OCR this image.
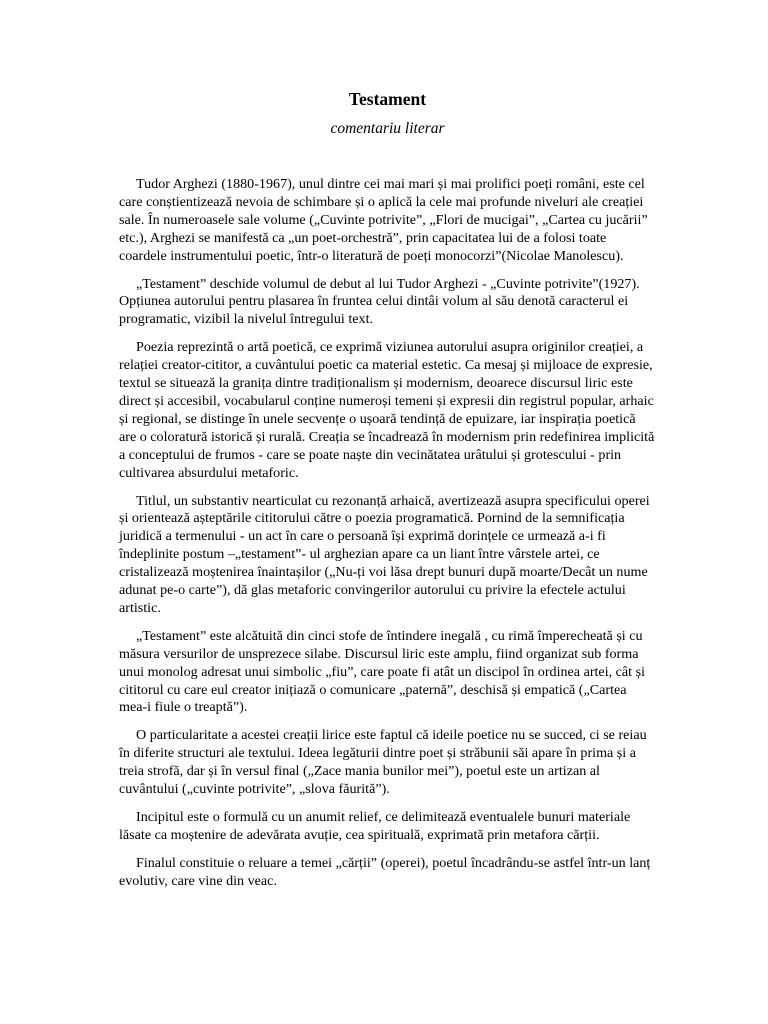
Testament
comentariu literar

Tudor Arghezi (1880-1967), unul dintre cei mai mari și mai prolifici poeți români, este cel care conștientizează nevoia de schimbare și o aplică la cele mai profunde niveluri ale creației sale. În numeroasele sale volume („Cuvinte potrivite”, „Flori de mucigai”, „Cartea cu jucării” etc.), Arghezi se manifestă ca „un poet-orchestră”, prin capacitatea lui de a folosi toate coardele instrumentului poetic, într-o literatură de poeți monocorzi”(Nicolae Manolescu).

„Testament” deschide volumul de debut al lui Tudor Arghezi - „Cuvinte potrivite”(1927). Opțiunea autorului pentru plasarea în fruntea celui dintâi volum al său denotă caracterul ei programatic, vizibil la nivelul întregului text.

Poezia reprezintă o artă poetică, ce exprimă viziunea autorului asupra originilor creației, a relației creator-cititor, a cuvântului poetic ca material estetic. Ca mesaj și mijloace de expresie, textul se situează la granița dintre tradiționalism și modernism, deoarece discursul liric este direct și accesibil, vocabularul conține numeroși temeni și expresii din registrul popular, arhaic și regional, se distinge în unele secvențe o ușoară tendință de epuizare, iar inspirația poetică are o coloratură istorică și rurală. Creația se încadrează în modernism prin redefinirea implicită a conceptului de frumos - care se poate naște din vecinătatea urâtului și grotescului - prin cultivarea absurdului metaforic.

Titlul, un substantiv nearticulat cu rezonanță arhaică, avertizează asupra specificului operei și orientează așteptările cititorului către o poezia programatică. Pornind de la semnificația juridică a termenului - un act în care o persoană își exprimă dorințele ce urmează a-i fi îndeplinite postum –„testament”- ul arghezian apare ca un liant între vârstele artei, ce cristalizează moștenirea înaintașilor („Nu-ți voi lăsa drept bunuri după moarte/Decât un nume adunat pe-o carte”), dă glas metaforic convingerilor autorului cu privire la efectele actului artistic.

„Testament” este alcătuită din cinci stofe de întindere inegală , cu rimă împerecheată și cu măsura versurilor de unsprezece silabe. Discursul liric este amplu, fiind organizat sub forma unui monolog adresat unui simbolic „fiu”, care poate fi atât un discipol în ordinea artei, cât și cititorul cu care eul creator inițiază o comunicare „paternă”, deschisă și empatică („Cartea mea-i fiule o treaptă”).

O particularitate a acestei creații lirice este faptul că ideile poetice nu se succed, ci se reiau în diferite structuri ale textului. Ideea legăturii dintre poet și străbunii săi apare în prima și a treia strofă, dar și în versul final („Zace mania bunilor mei”), poetul este un artizan al cuvântului („cuvinte potrivite”, „slova făurită”).

Incipitul este o formulă cu un anumit relief, ce delimitează eventualele bunuri materiale lăsate ca moștenire de adevărata avuție, cea spirituală, exprimată prin metafora cărții.

Finalul constituie o reluare a temei „cărții” (operei), poetul încadrându-se astfel într-un lanț evolutiv, care vine din veac.
